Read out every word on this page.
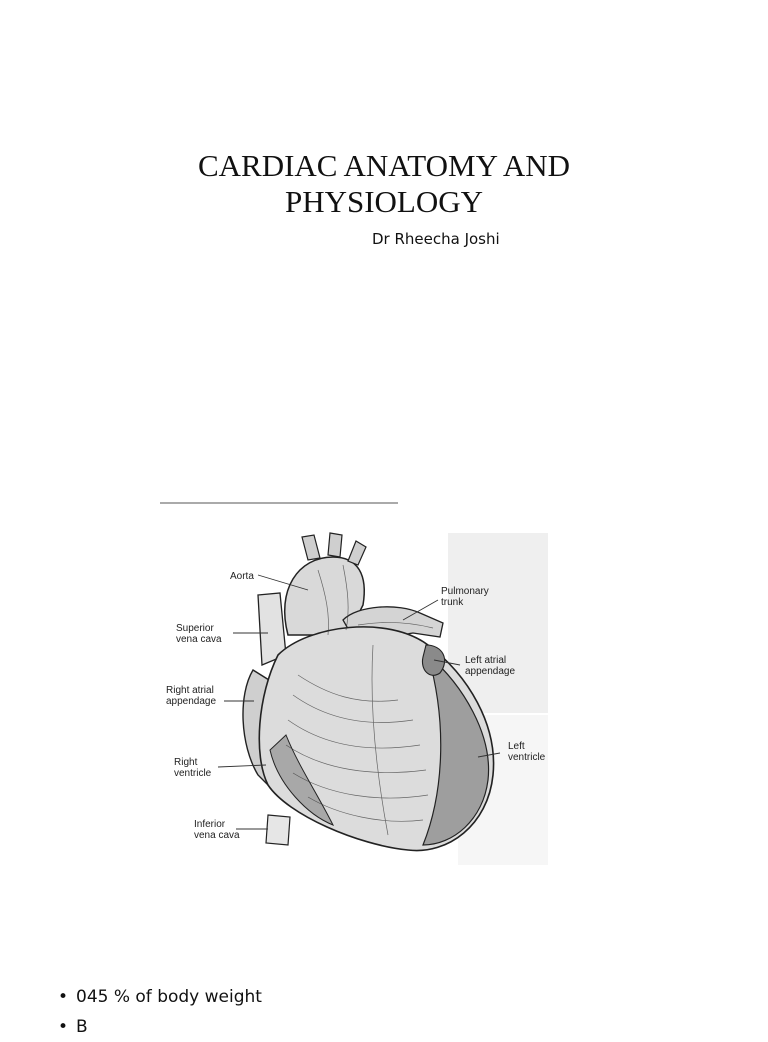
CARDIAC ANATOMY AND
PHYSIOLOGY
Dr Rheecha Joshi
Aorta
Pulmonary
trunk
Superior
vena cava
Left atrial
appendage
Right atrial
appendage
Left
ventricle
Right
ventricle
Inferior
vena cava
• 045 % of body weight
• B
